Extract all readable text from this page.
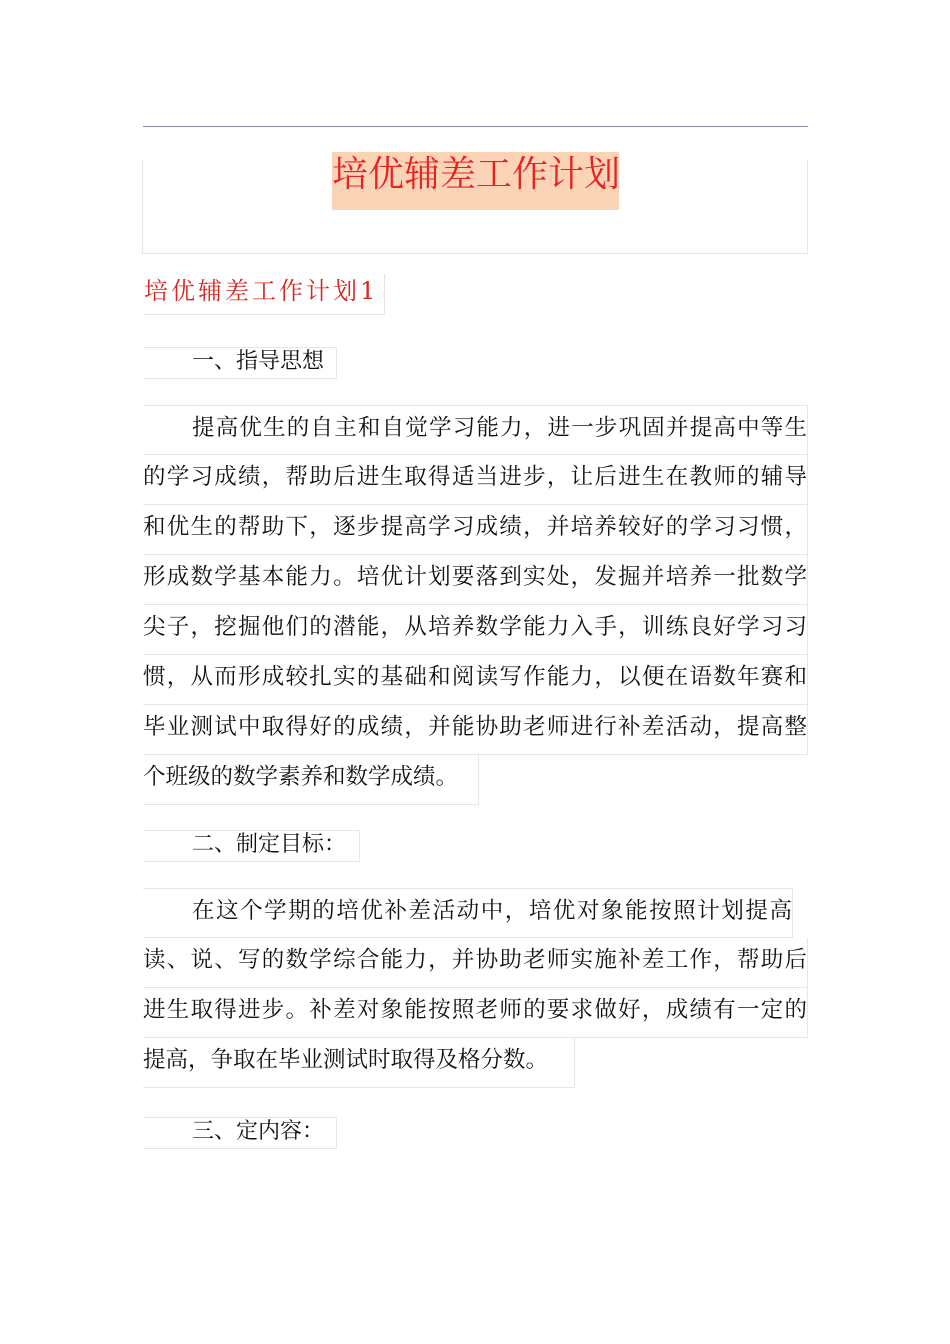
培优辅差工作计划
培优辅差工作计划1
一、指导思想
提高优生的自主和自觉学习能力，进一步巩固并提高中等生
的学习成绩，帮助后进生取得适当进步，让后进生在教师的辅导
和优生的帮助下，逐步提高学习成绩，并培养较好的学习习惯，
形成数学基本能力。培优计划要落到实处，发掘并培养一批数学
尖子，挖掘他们的潜能，从培养数学能力入手，训练良好学习习
惯，从而形成较扎实的基础和阅读写作能力，以便在语数年赛和
毕业测试中取得好的成绩，并能协助老师进行补差活动，提高整
个班级的数学素养和数学成绩。
二、制定目标：
在这个学期的培优补差活动中，培优对象能按照计划提高
读、说、写的数学综合能力，并协助老师实施补差工作，帮助后
进生取得进步。补差对象能按照老师的要求做好，成绩有一定的
提高，争取在毕业测试时取得及格分数。
三、定内容：
